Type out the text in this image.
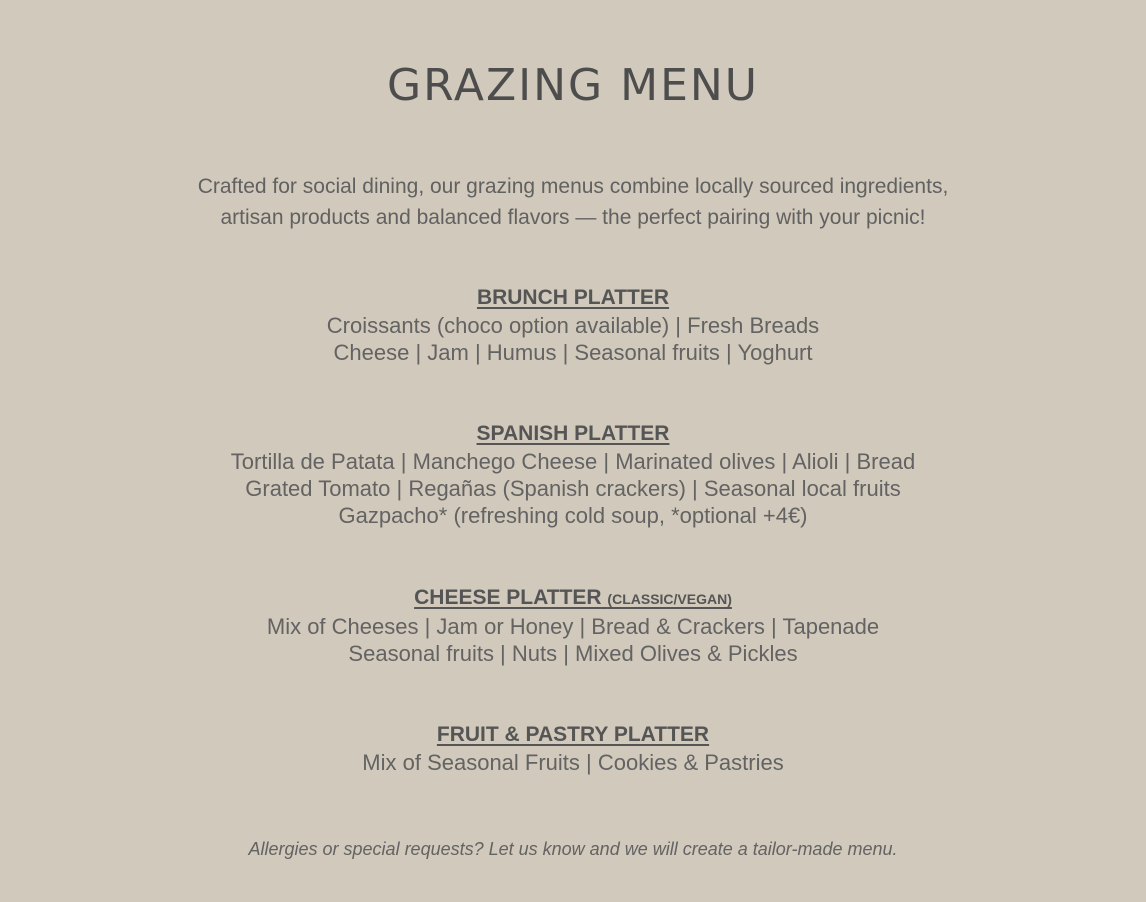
GRAZING MENU

Crafted for social dining, our grazing menus combine locally sourced ingredients,

artisan products and balanced flavors — the perfect pairing with your picnic!

BRUNCH PLATTER

Croissants (choco option available) | Fresh Breads

Cheese | Jam | Humus | Seasonal fruits | Yoghurt

SPANISH PLATTER

Tortilla de Patata | Manchego Cheese | Marinated olives | Alioli | Bread

Grated Tomato | Regañas (Spanish crackers) | Seasonal local fruits

Gazpacho* (refreshing cold soup, *optional +4€)

CHEESE PLATTER (CLASSIC/VEGAN)

Mix of Cheeses | Jam or Honey | Bread & Crackers | Tapenade

Seasonal fruits | Nuts | Mixed Olives & Pickles

FRUIT & PASTRY PLATTER

Mix of Seasonal Fruits | Cookies & Pastries

Allergies or special requests? Let us know and we will create a tailor-made menu.
